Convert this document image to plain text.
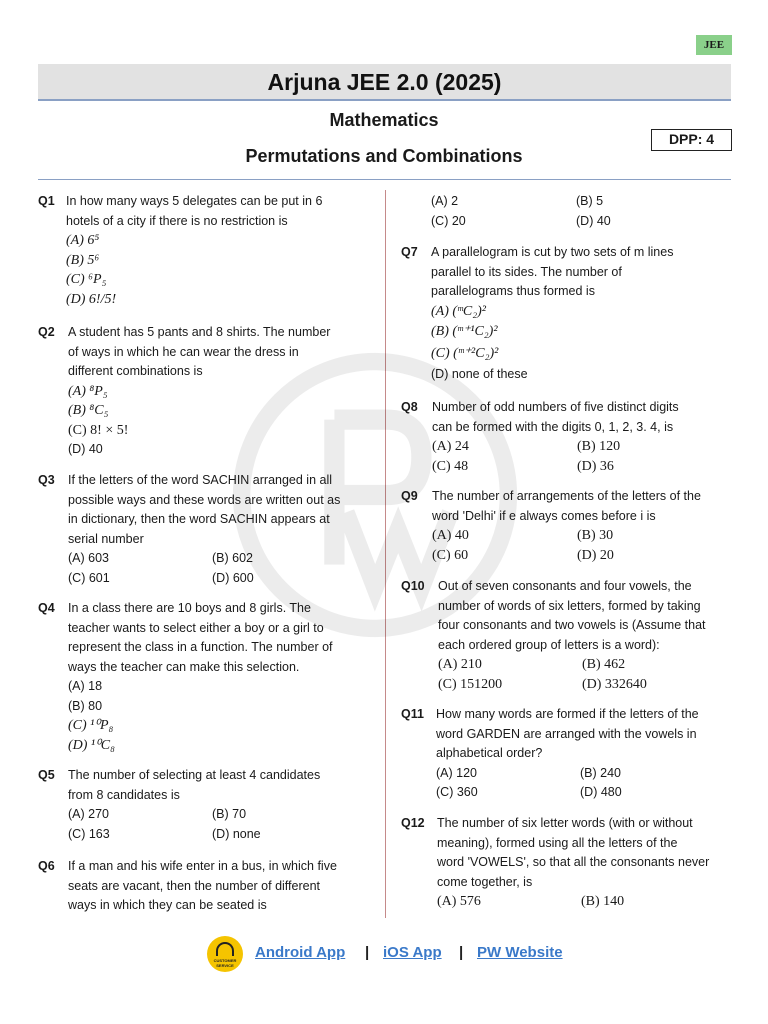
JEE
Arjuna JEE 2.0 (2025)
Mathematics
Permutations and Combinations
DPP: 4
Q1 In how many ways 5 delegates can be put in 6
hotels of a city if there is no restriction is
(A) 6⁵
(B) 5⁶
(C) ⁶P₅
(D) 6!/5!
Q2 A student has 5 pants and 8 shirts. The number
of ways in which he can wear the dress in
different combinations is
(A) ⁸P₅
(B) ⁸C₅
(C) 8! × 5!
(D) 40
Q3 If the letters of the word SACHIN arranged in all
possible ways and these words are written out as
in dictionary, then the word SACHIN appears at
serial number
(A) 603	(B) 602
(C) 601	(D) 600
Q4 In a class there are 10 boys and 8 girls. The
teacher wants to select either a boy or a girl to
represent the class in a function. The number of
ways the teacher can make this selection.
(A) 18
(B) 80
(C) ¹⁰P₈
(D) ¹⁰C₈
Q5 The number of selecting at least 4 candidates
from 8 candidates is
(A) 270	(B) 70
(C) 163	(D) none
Q6 If a man and his wife enter in a bus, in which five
seats are vacant, then the number of different
ways in which they can be seated is
(A) 2	(B) 5
(C) 20	(D) 40
Q7 A parallelogram is cut by two sets of m lines
parallel to its sides. The number of
parallelograms thus formed is
(A) (ᵐC₂)²
(B) (ᵐ⁺¹C₂)²
(C) (ᵐ⁺²C₂)²
(D) none of these
Q8 Number of odd numbers of five distinct digits
can be formed with the digits 0, 1, 2, 3. 4, is
(A) 24	(B) 120
(C) 48	(D) 36
Q9 The number of arrangements of the letters of the
word 'Delhi' if e always comes before i is
(A) 40	(B) 30
(C) 60	(D) 20
Q10 Out of seven consonants and four vowels, the
number of words of six letters, formed by taking
four consonants and two vowels is (Assume that
each ordered group of letters is a word):
(A) 210	(B) 462
(C) 151200	(D) 332640
Q11 How many words are formed if the letters of the
word GARDEN are arranged with the vowels in
alphabetical order?
(A) 120	(B) 240
(C) 360	(D) 480
Q12 The number of six letter words (with or without
meaning), formed using all the letters of the
word 'VOWELS', so that all the consonants never
come together, is
(A) 576	(B) 140
CUSTOMER SERVICE
Android App | iOS App | PW Website
